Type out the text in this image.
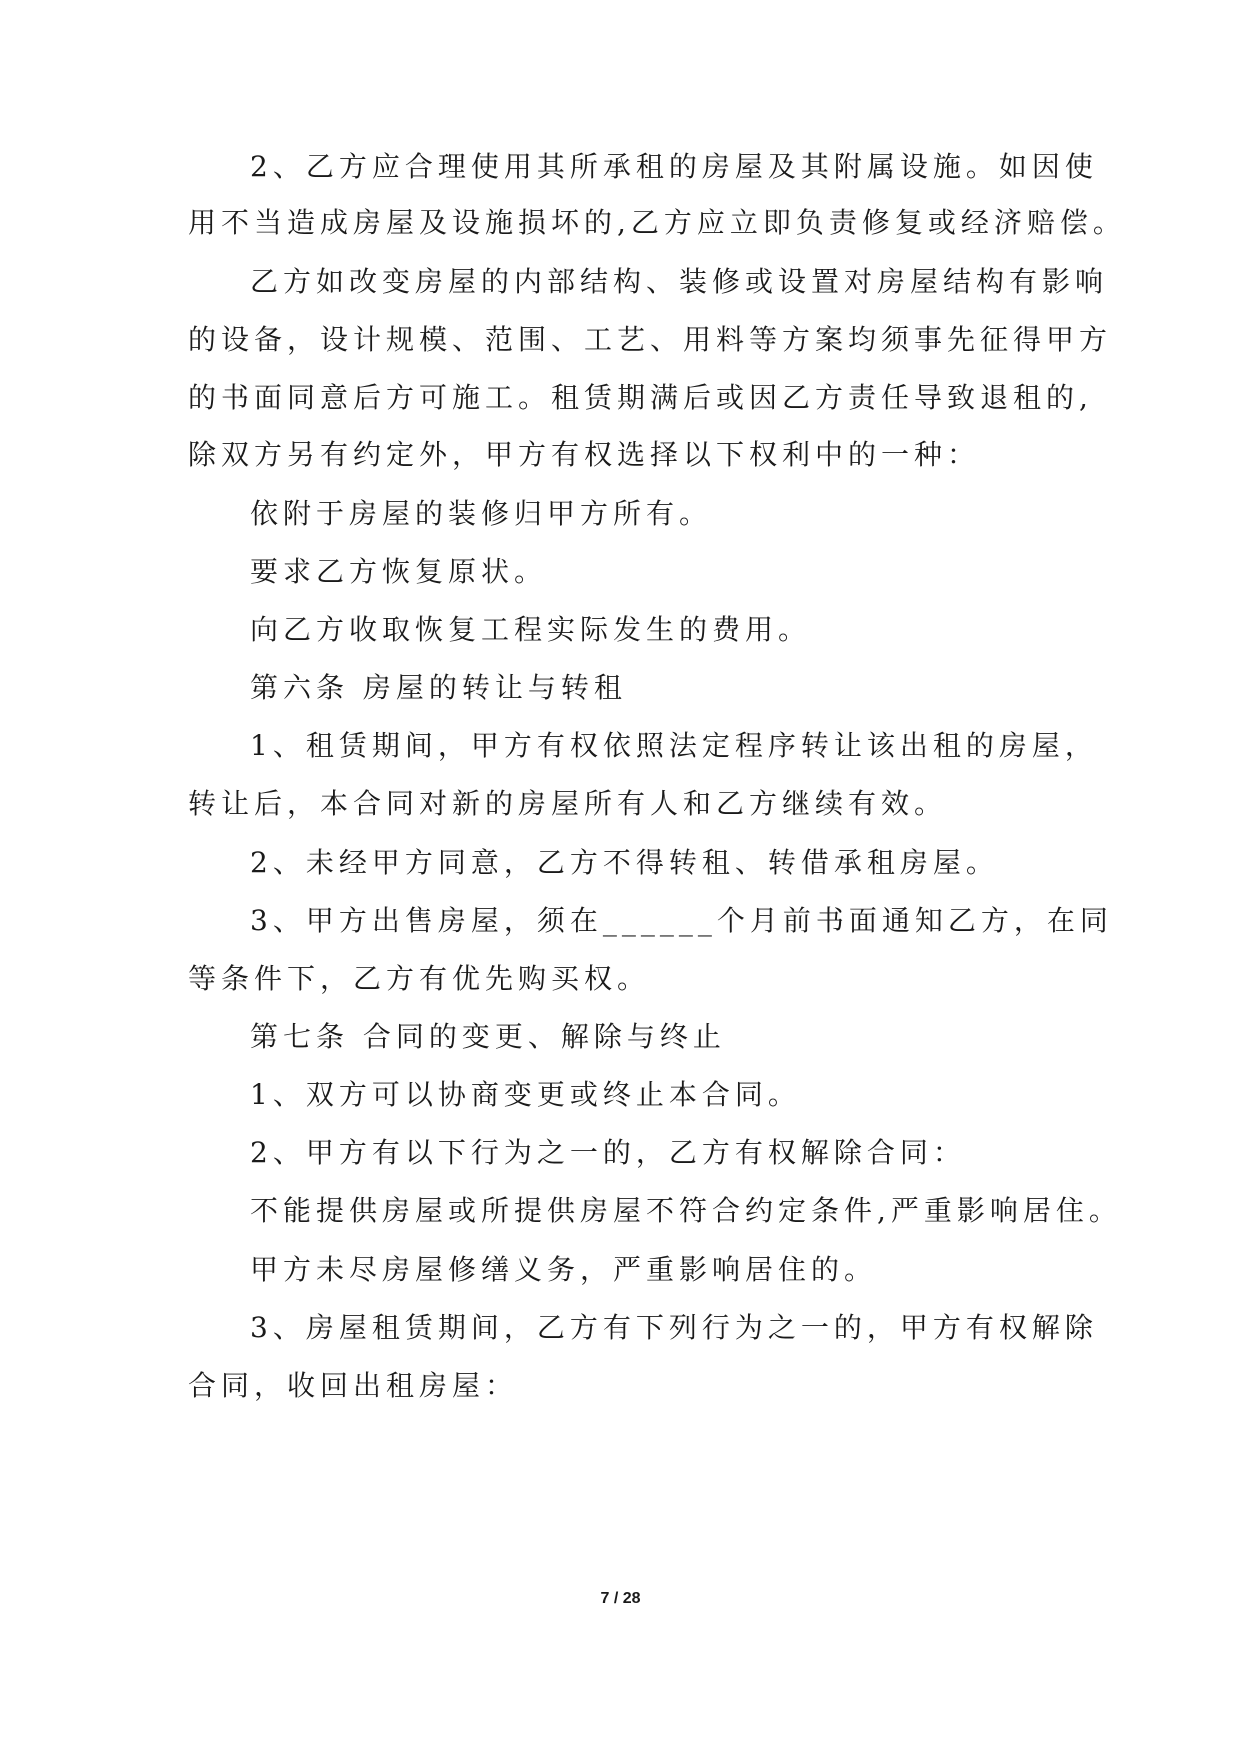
2、乙方应合理使用其所承租的房屋及其附属设施。如因使
用不当造成房屋及设施损坏的,乙方应立即负责修复或经济赔偿。
乙方如改变房屋的内部结构、装修或设置对房屋结构有影响
的设备，设计规模、范围、工艺、用料等方案均须事先征得甲方
的书面同意后方可施工。租赁期满后或因乙方责任导致退租的,
除双方另有约定外，甲方有权选择以下权利中的一种：
依附于房屋的装修归甲方所有。
要求乙方恢复原状。
向乙方收取恢复工程实际发生的费用。
第六条 房屋的转让与转租
1、租赁期间，甲方有权依照法定程序转让该出租的房屋，
转让后，本合同对新的房屋所有人和乙方继续有效。
2、未经甲方同意，乙方不得转租、转借承租房屋。
3、甲方出售房屋，须在______个月前书面通知乙方，在同
等条件下，乙方有优先购买权。
第七条 合同的变更、解除与终止
1、双方可以协商变更或终止本合同。
2、甲方有以下行为之一的，乙方有权解除合同：
不能提供房屋或所提供房屋不符合约定条件,严重影响居住。
甲方未尽房屋修缮义务，严重影响居住的。
3、房屋租赁期间，乙方有下列行为之一的，甲方有权解除
合同，收回出租房屋：
7 / 28
